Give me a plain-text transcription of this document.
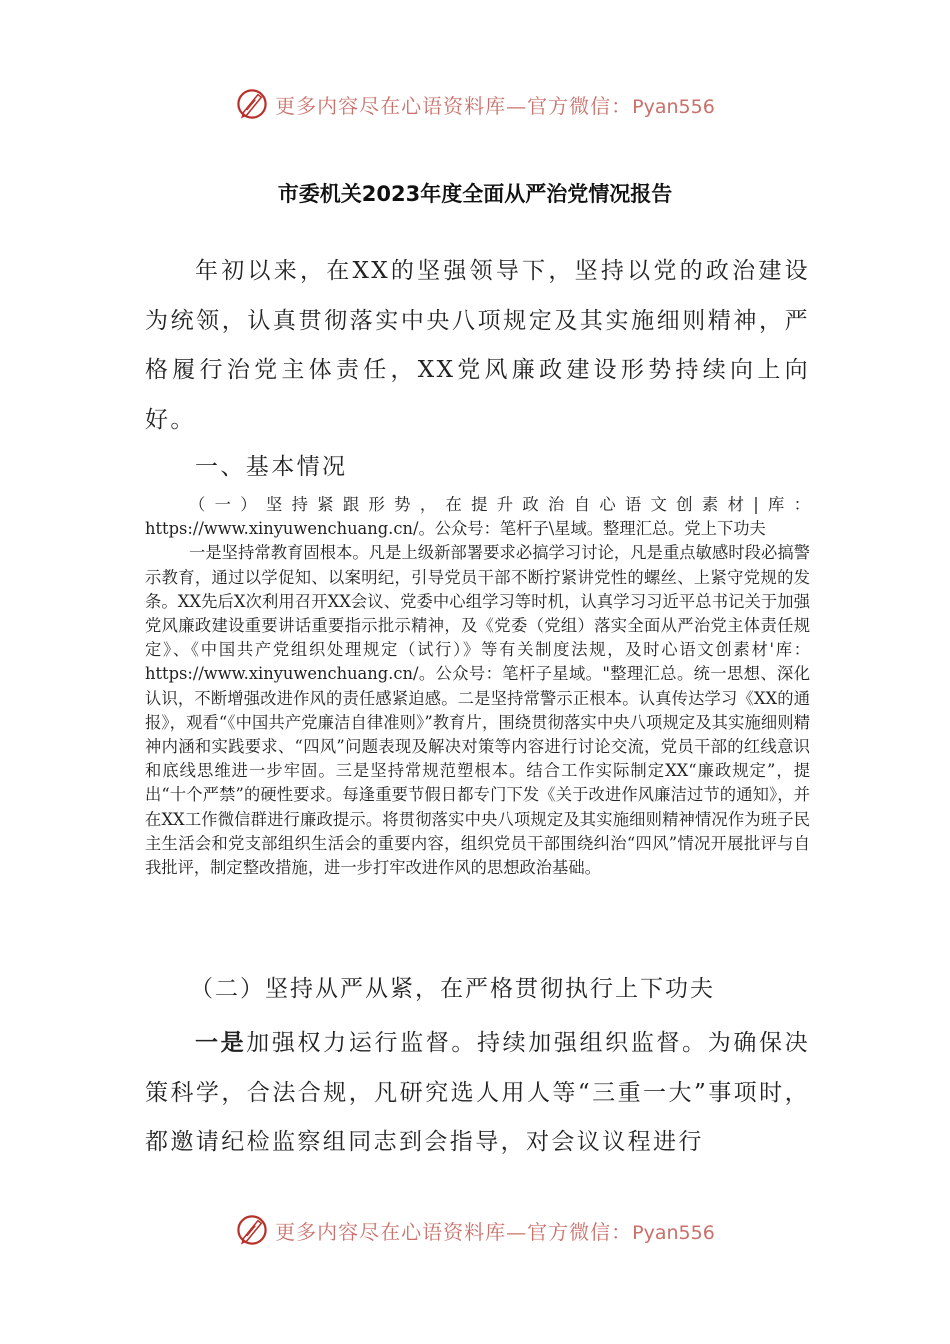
更多内容尽在心语资料库—官方微信：Pyan556
市委机关2023年度全面从严治党情况报告

年初以来，在XX的坚强领导下，坚持以党的政治建设为统领，认真贯彻落实中央八项规定及其实施细则精神，严格履行治党主体责任，XX党风廉政建设形势持续向上向好。

一、基本情况

（一）坚持紧跟形势，在提升政治自心语文创素材|库：https://www.xinyuwenchuang.cn/。公众号：笔杆子\星域。整理汇总。党上下功夫

一是坚持常教育固根本。凡是上级新部署要求必搞学习讨论，凡是重点敏感时段必搞警示教育，通过以学促知、以案明纪，引导党员干部不断拧紧讲党性的螺丝、上紧守党规的发条。XX先后X次利用召开XX会议、党委中心组学习等时机，认真学习习近平总书记关于加强党风廉政建设重要讲话重要指示批示精神，及《党委（党组）落实全面从严治党主体责任规定》、《中国共产党组织处理规定（试行）》等有关制度法规，及时心语文创素材'库：https://www.xinyuwenchuang.cn/。公众号：笔杆子星域。"整理汇总。统一思想、深化认识，不断增强改进作风的责任感紧迫感。二是坚持常警示正根本。认真传达学习《XX的通报》，观看“《中国共产党廉洁自律准则》”教育片，围绕贯彻落实中央八项规定及其实施细则精神内涵和实践要求、“四风”问题表现及解决对策等内容进行讨论交流，党员干部的红线意识和底线思维进一步牢固。三是坚持常规范塑根本。结合工作实际制定XX“廉政规定”，提出“十个严禁”的硬性要求。每逢重要节假日都专门下发《关于改进作风廉洁过节的通知》，并在XX工作微信群进行廉政提示。将贯彻落实中央八项规定及其实施细则精神情况作为班子民主生活会和党支部组织生活会的重要内容，组织党员干部围绕纠治“四风”情况开展批评与自我批评，制定整改措施，进一步打牢改进作风的思想政治基础。

（二）坚持从严从紧，在严格贯彻执行上下功夫

一是加强权力运行监督。持续加强组织监督。为确保决策科学，合法合规，凡研究选人用人等“三重一大”事项时，都邀请纪检监察组同志到会指导，对会议议程进行

更多内容尽在心语资料库—官方微信：Pyan556
